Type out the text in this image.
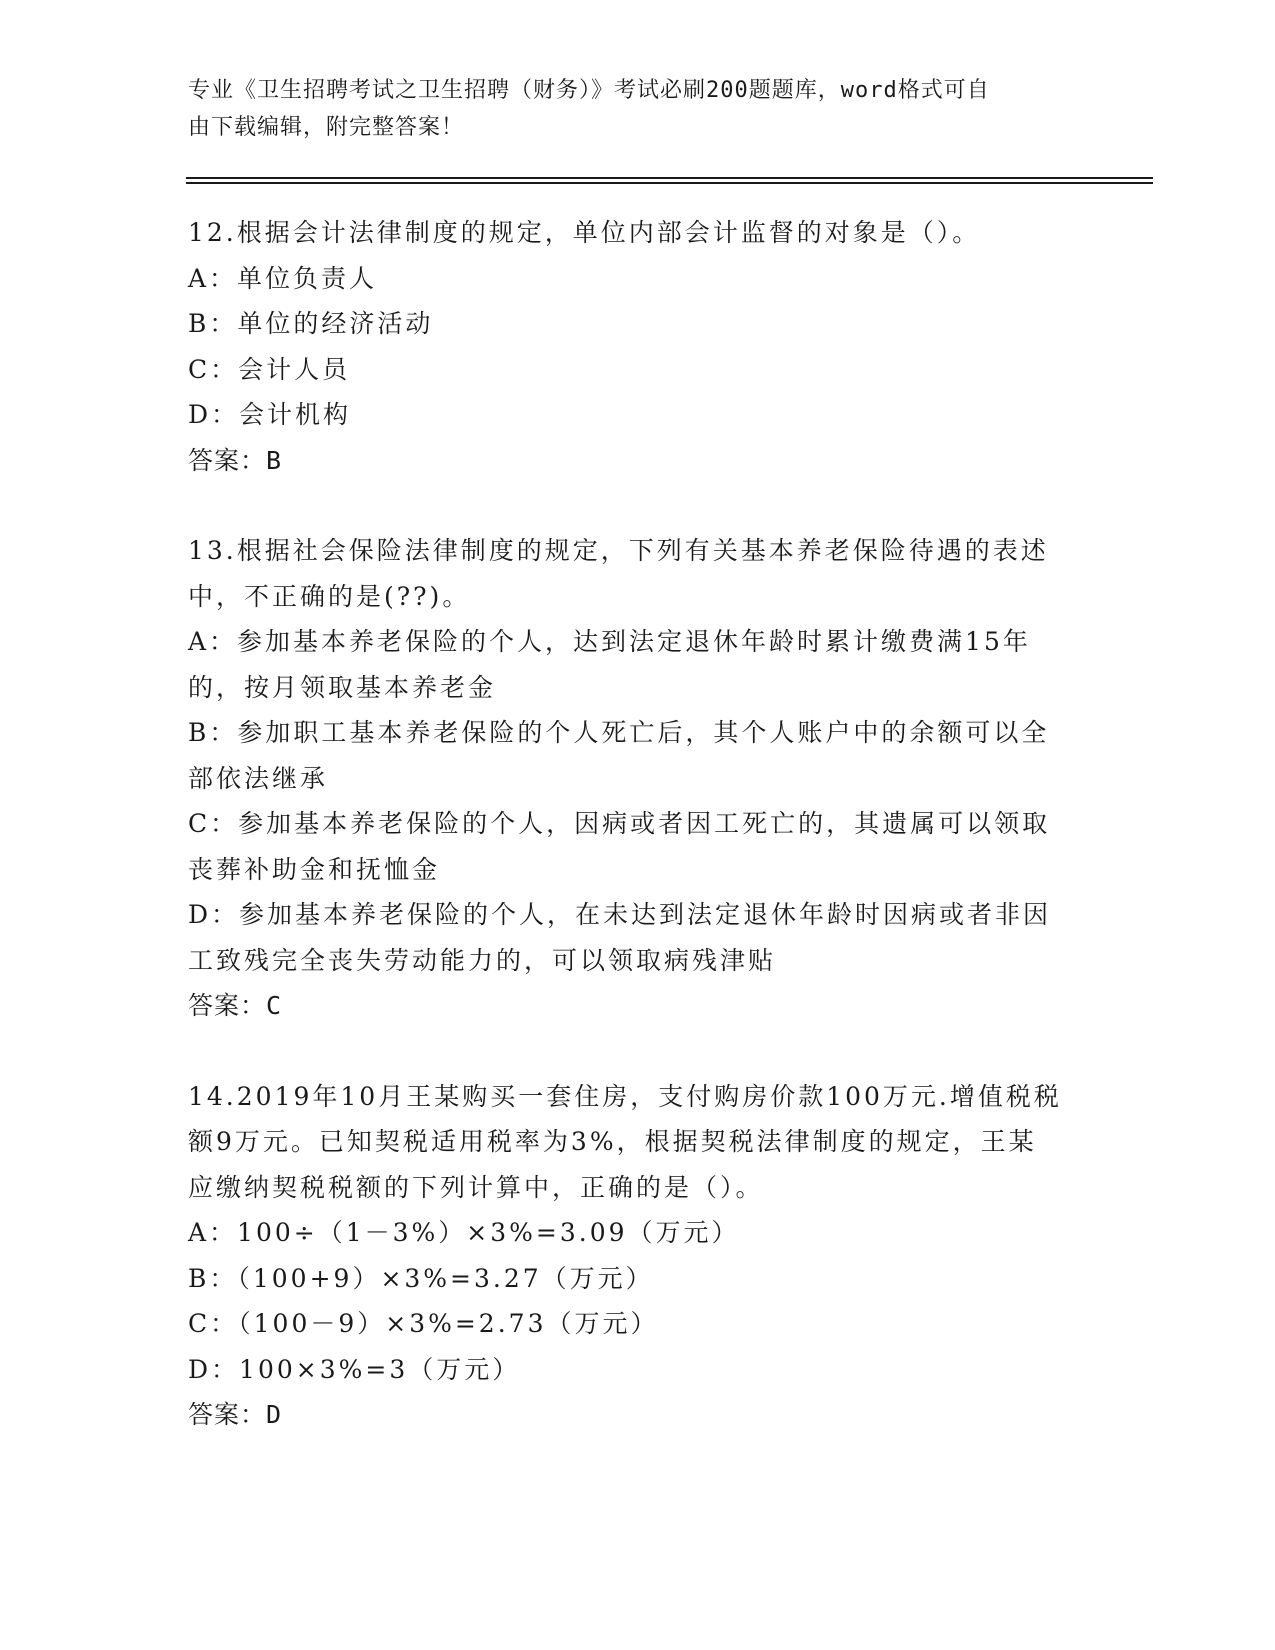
专业《卫生招聘考试之卫生招聘（财务）》考试必刷200题题库，word格式可自
由下载编辑，附完整答案！
12.根据会计法律制度的规定，单位内部会计监督的对象是（）。
A：单位负责人
B：单位的经济活动
C：会计人员
D：会计机构
答案：B
13.根据社会保险法律制度的规定，下列有关基本养老保险待遇的表述
中，不正确的是(??)。
A：参加基本养老保险的个人，达到法定退休年龄时累计缴费满15年
的，按月领取基本养老金
B：参加职工基本养老保险的个人死亡后，其个人账户中的余额可以全
部依法继承
C：参加基本养老保险的个人，因病或者因工死亡的，其遗属可以领取
丧葬补助金和抚恤金
D：参加基本养老保险的个人，在未达到法定退休年龄时因病或者非因
工致残完全丧失劳动能力的，可以领取病残津贴
答案：C
14.2019年10月王某购买一套住房，支付购房价款100万元.增值税税
额9万元。已知契税适用税率为3%，根据契税法律制度的规定，王某
应缴纳契税税额的下列计算中，正确的是（）。
A：100÷（1－3%）×3%=3.09（万元）
B：（100+9）×3%=3.27（万元）
C：（100－9）×3%=2.73（万元）
D：100×3%=3（万元）
答案：D
